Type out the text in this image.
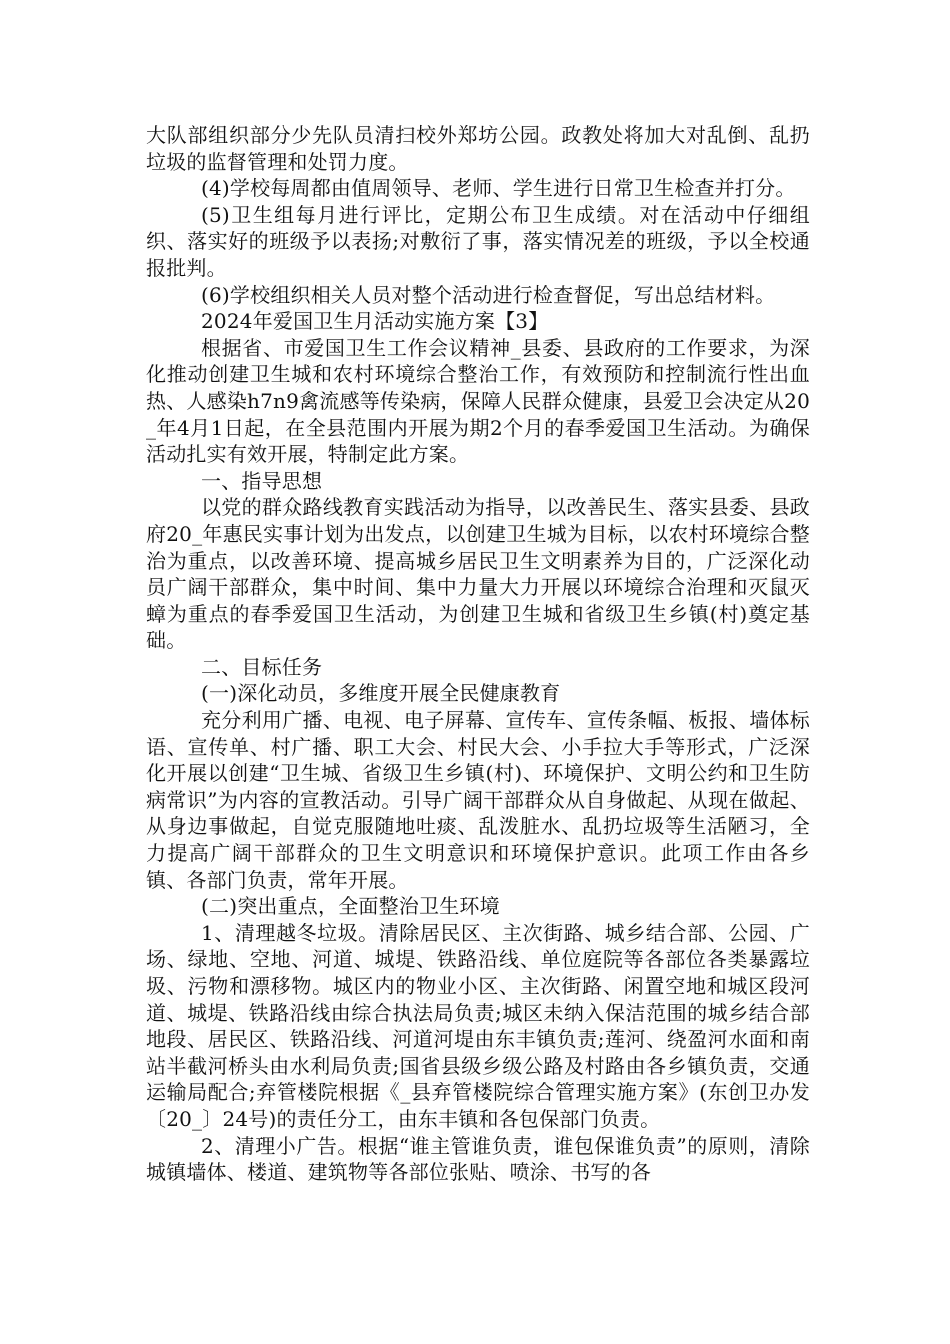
大队部组织部分少先队员清扫校外郑坊公园。政教处将加大对乱倒、乱扔垃圾的监督管理和处罚力度。

(4)学校每周都由值周领导、老师、学生进行日常卫生检查并打分。

(5)卫生组每月进行评比，定期公布卫生成绩。对在活动中仔细组织、落实好的班级予以表扬;对敷衍了事，落实情况差的班级，予以全校通报批判。

(6)学校组织相关人员对整个活动进行检查督促，写出总结材料。

2024年爱国卫生月活动实施方案【3】

根据省、市爱国卫生工作会议精神_县委、县政府的工作要求，为深化推动创建卫生城和农村环境综合整治工作，有效预防和控制流行性出血热、人感染h7n9禽流感等传染病，保障人民群众健康，县爱卫会决定从20_年4月1日起，在全县范围内开展为期2个月的春季爱国卫生活动。为确保活动扎实有效开展，特制定此方案。

一、指导思想

以党的群众路线教育实践活动为指导，以改善民生、落实县委、县政府20_年惠民实事计划为出发点，以创建卫生城为目标，以农村环境综合整治为重点，以改善环境、提高城乡居民卫生文明素养为目的，广泛深化动员广阔干部群众，集中时间、集中力量大力开展以环境综合治理和灭鼠灭蟑为重点的春季爱国卫生活动，为创建卫生城和省级卫生乡镇(村)奠定基础。

二、目标任务

(一)深化动员，多维度开展全民健康教育

充分利用广播、电视、电子屏幕、宣传车、宣传条幅、板报、墙体标语、宣传单、村广播、职工大会、村民大会、小手拉大手等形式，广泛深化开展以创建“卫生城、省级卫生乡镇(村)、环境保护、文明公约和卫生防病常识”为内容的宣教活动。引导广阔干部群众从自身做起、从现在做起、从身边事做起，自觉克服随地吐痰、乱泼脏水、乱扔垃圾等生活陋习，全力提高广阔干部群众的卫生文明意识和环境保护意识。此项工作由各乡镇、各部门负责，常年开展。

(二)突出重点，全面整治卫生环境

1、清理越冬垃圾。清除居民区、主次街路、城乡结合部、公园、广场、绿地、空地、河道、城堤、铁路沿线、单位庭院等各部位各类暴露垃圾、污物和漂移物。城区内的物业小区、主次街路、闲置空地和城区段河道、城堤、铁路沿线由综合执法局负责;城区未纳入保洁范围的城乡结合部地段、居民区、铁路沿线、河道河堤由东丰镇负责;莲河、绕盈河水面和南站半截河桥头由水利局负责;国省县级乡级公路及村路由各乡镇负责，交通运输局配合;弃管楼院根据《_县弃管楼院综合管理实施方案》(东创卫办发〔20_〕24号)的责任分工，由东丰镇和各包保部门负责。

2、清理小广告。根据“谁主管谁负责，谁包保谁负责”的原则，清除城镇墙体、楼道、建筑物等各部位张贴、喷涂、书写的各
